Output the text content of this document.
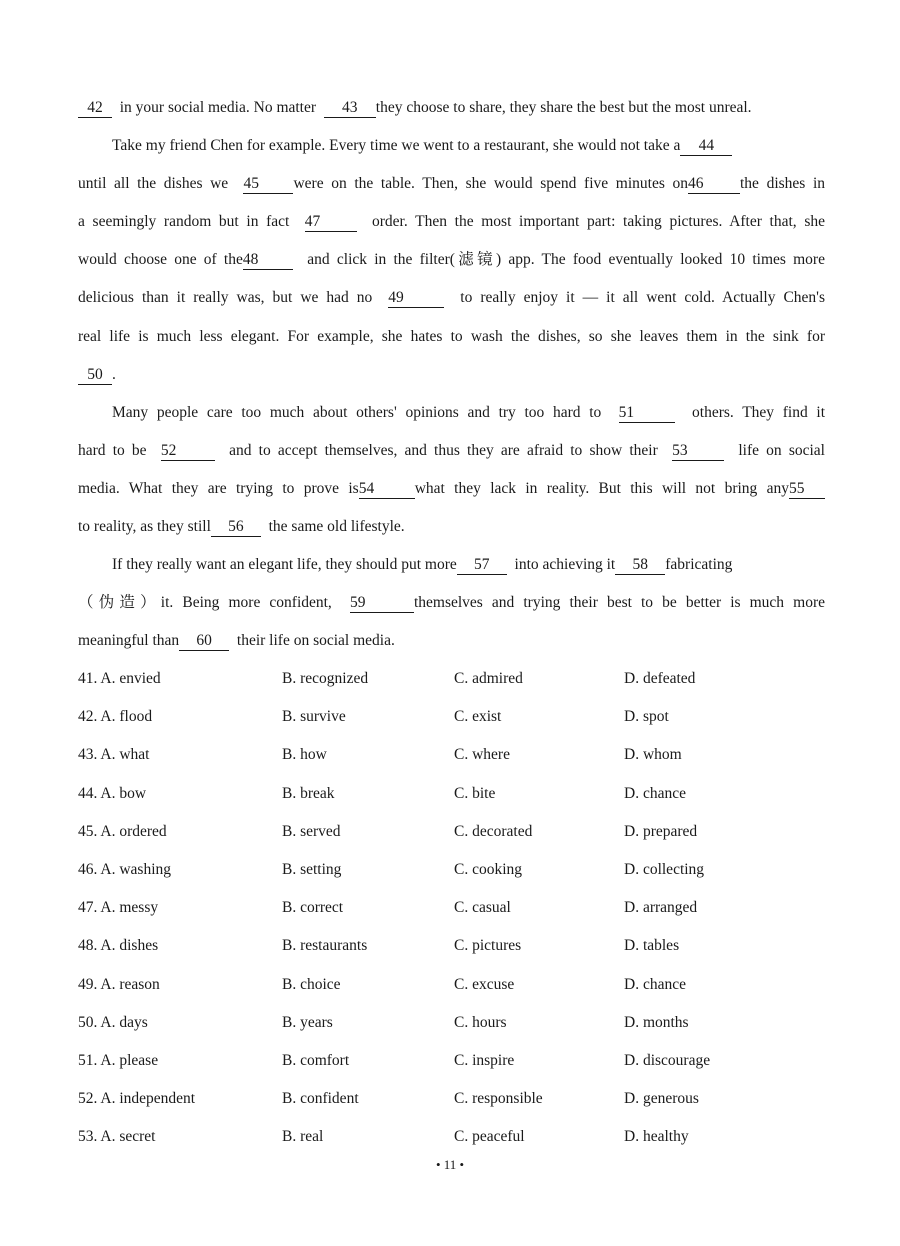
42  in your social media. No matter  43 they choose to share, they share the best but the most unreal.
Take my friend Chen for example. Every time we went to a restaurant, she would not take a 44
until all the dishes we  45 were on the table. Then, she would spend five minutes on46 the dishes in
a seemingly random but in fact  47  order. Then the most important part: taking pictures. After that, she
would choose one of the48  and click in the filter(滤镜) app. The food eventually looked 10 times more
delicious than it really was, but we had no  49	to really enjoy it — it all went cold. Actually Chen's
real life is much less elegant. For example, she hates to wash the dishes, so she leaves them in the sink for
50 .
Many people care too much about others' opinions and try too hard to  51	others. They find it
hard to be  52  and to accept themselves, and thus they are afraid to show their  53  life on social
media. What they are trying to prove is54	what they lack in reality. But this will not bring any55
to reality, as they still 56  the same old lifestyle.
If they really want an elegant life, they should put more 57  into achieving it 58 fabricating
（伪造）it. Being more confident,  59	themselves and trying their best to be better is much more
meaningful than 60  their life on social media.
41. A. envied	B. recognized	C. admired	D. defeated
42. A. flood	B. survive	C. exist	D. spot
43. A. what	B. how	C. where	D. whom
44. A. bow	B. break	C. bite	D. chance
45. A. ordered	B. served	C. decorated	D. prepared
46. A. washing	B. setting	C. cooking	D. collecting
47. A. messy	B. correct	C. casual	D. arranged
48. A. dishes	B. restaurants	C. pictures	D. tables
49. A. reason	B. choice	C. excuse	D. chance
50. A. days	B. years	C. hours	D. months
51. A. please	B. comfort	C. inspire	D. discourage
52. A. independent	B. confident	C. responsible	D. generous
53. A. secret	B. real	C. peaceful	D. healthy
• 11 •
